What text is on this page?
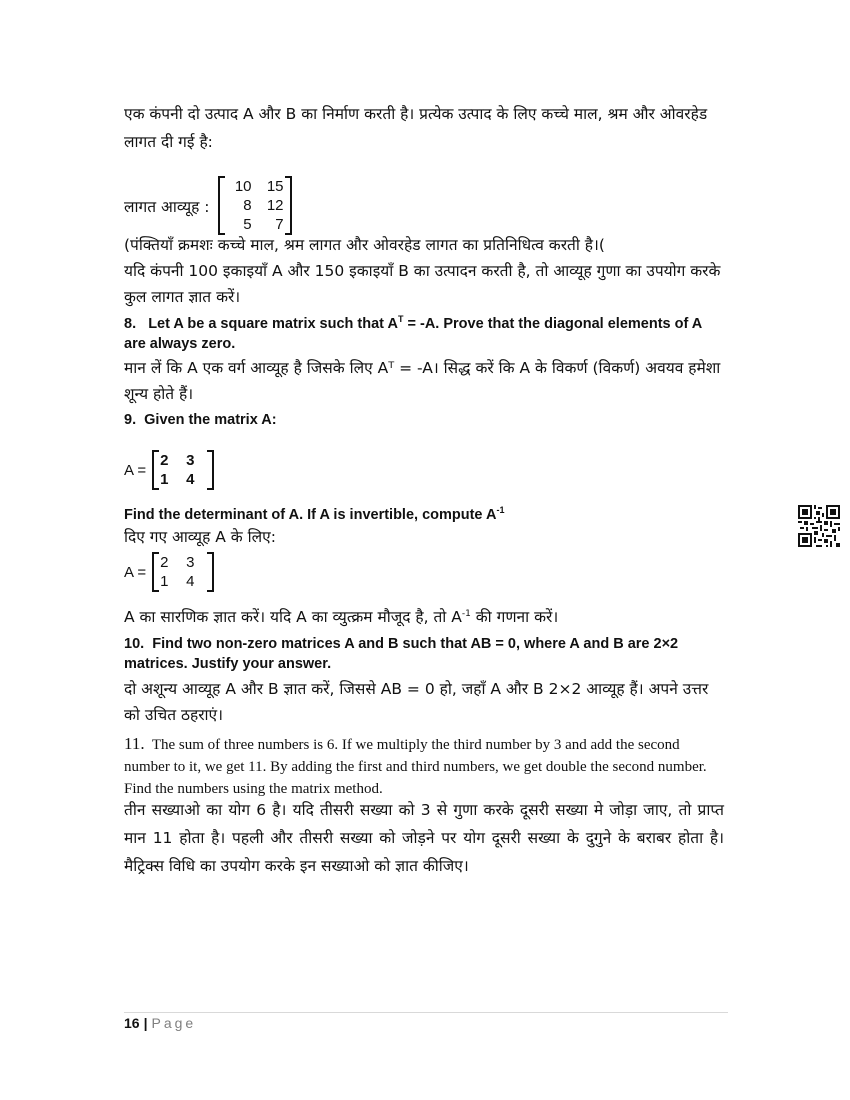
एक कंपनी दो उत्पाद A और B का निर्माण करती है। प्रत्येक उत्पाद के लिए कच्चे माल, श्रम और ओवरहेड लागत दी गई है:

लागत आव्यूह :
10
8
5
15
12
7

(पंक्तियाँ क्रमशः कच्चे माल, श्रम लागत और ओवरहेड लागत का प्रतिनिधित्व करती है।(

यदि कंपनी 100 इकाइयाँ A और 150 इकाइयाँ B का उत्पादन करती है, तो आव्यूह गुणा का उपयोग करके कुल लागत ज्ञात करें।

8. Let A be a square matrix such that $A^T = -A$. Prove that the diagonal elements of A are always zero.

मान लें कि A एक वर्ग आव्यूह है जिसके लिए Aᵀ = -A। सिद्ध करें कि A के विकर्ण (विकर्ण) अवयव हमेशा शून्य होते हैं।

9. Given the matrix A:

A =
2
1
3
4

Find the determinant of A. If A is invertible, compute $A^{-1}$

दिए गए आव्यूह A के लिए:

A =
2
1
3
4

A का सारणिक ज्ञात करें। यदि A का व्युत्क्रम मौजूद है, तो $A^{-1}$ की गणना करें।

10. Find two non-zero matrices A and B such that AB = 0, where A and B are 2×2 matrices. Justify your answer.

दो अशून्य आव्यूह A और B ज्ञात करें, जिससे AB = 0 हो, जहाँ A और B 2×2 आव्यूह हैं। अपने उत्तर को उचित ठहराएं।

11. The sum of three numbers is 6. If we multiply the third number by 3 and add the second number to it, we get 11. By adding the first and third numbers, we get double the second number. Find the numbers using the matrix method.

तीन सख्याओ का योग 6 है। यदि तीसरी सख्या को 3 से गुणा करके दूसरी सख्या मे जोड़ा जाए, तो प्राप्त मान 11 होता है। पहली और तीसरी सख्या को जोड़ने पर योग दूसरी सख्या के दुगुने के बराबर होता है। मैट्रिक्स विधि का उपयोग करके इन सख्याओ को ज्ञात कीजिए।

16 | Page
